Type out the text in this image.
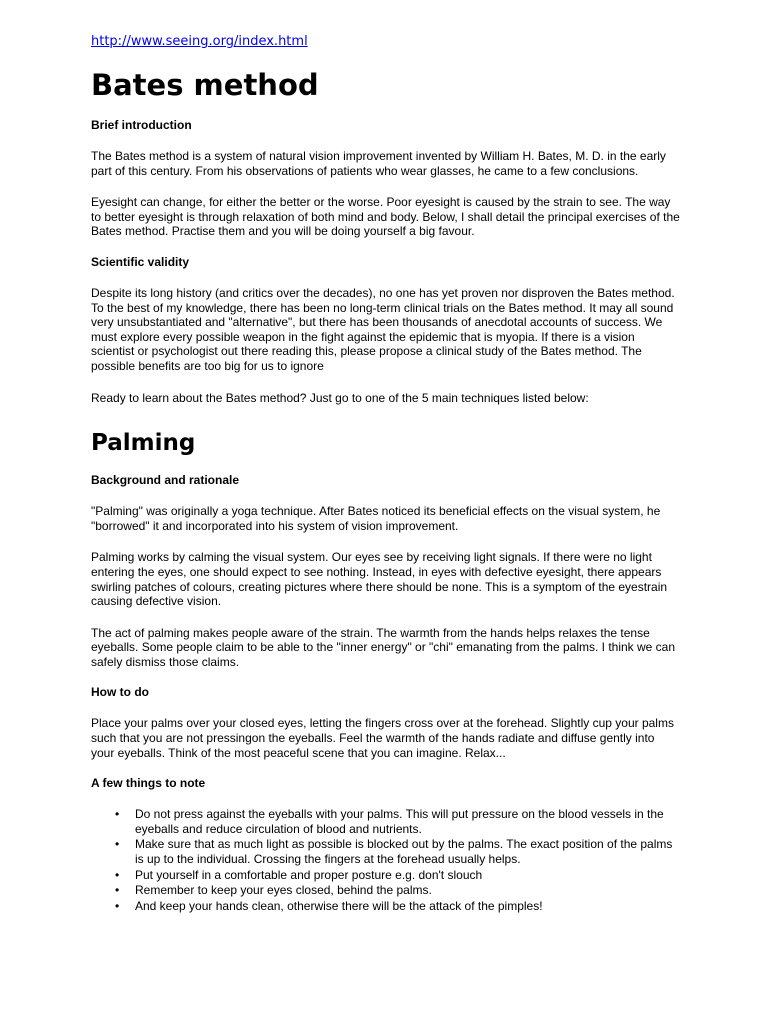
http://www.seeing.org/index.html
Bates method
Brief introduction

The Bates method is a system of natural vision improvement invented by William H. Bates, M. D. in the early part of this century. From his observations of patients who wear glasses, he came to a few conclusions.

Eyesight can change, for either the better or the worse. Poor eyesight is caused by the strain to see. The way to better eyesight is through relaxation of both mind and body. Below, I shall detail the principal exercises of the Bates method. Practise them and you will be doing yourself a big favour.

Scientific validity

Despite its long history (and critics over the decades), no one has yet proven nor disproven the Bates method. To the best of my knowledge, there has been no long-term clinical trials on the Bates method. It may all sound very unsubstantiated and "alternative", but there has been thousands of anecdotal accounts of success. We must explore every possible weapon in the fight against the epidemic that is myopia. If there is a vision scientist or psychologist out there reading this, please propose a clinical study of the Bates method. The possible benefits are too big for us to ignore

Ready to learn about the Bates method? Just go to one of the 5 main techniques listed below:

Palming
Background and rationale

"Palming" was originally a yoga technique. After Bates noticed its beneficial effects on the visual system, he "borrowed" it and incorporated into his system of vision improvement.

Palming works by calming the visual system. Our eyes see by receiving light signals. If there were no light entering the eyes, one should expect to see nothing. Instead, in eyes with defective eyesight, there appears swirling patches of colours, creating pictures where there should be none. This is a symptom of the eyestrain causing defective vision.

The act of palming makes people aware of the strain. The warmth from the hands helps relaxes the tense eyeballs. Some people claim to be able to the "inner energy" or "chi" emanating from the palms. I think we can safely dismiss those claims.

How to do

Place your palms over your closed eyes, letting the fingers cross over at the forehead. Slightly cup your palms such that you are not pressingon the eyeballs. Feel the warmth of the hands radiate and diffuse gently into your eyeballs. Think of the most peaceful scene that you can imagine. Relax...

A few things to note
• Do not press against the eyeballs with your palms. This will put pressure on the blood vessels in the eyeballs and reduce circulation of blood and nutrients.
• Make sure that as much light as possible is blocked out by the palms. The exact position of the palms is up to the individual. Crossing the fingers at the forehead usually helps.
• Put yourself in a comfortable and proper posture e.g. don't slouch
• Remember to keep your eyes closed, behind the palms.
• And keep your hands clean, otherwise there will be the attack of the pimples!
